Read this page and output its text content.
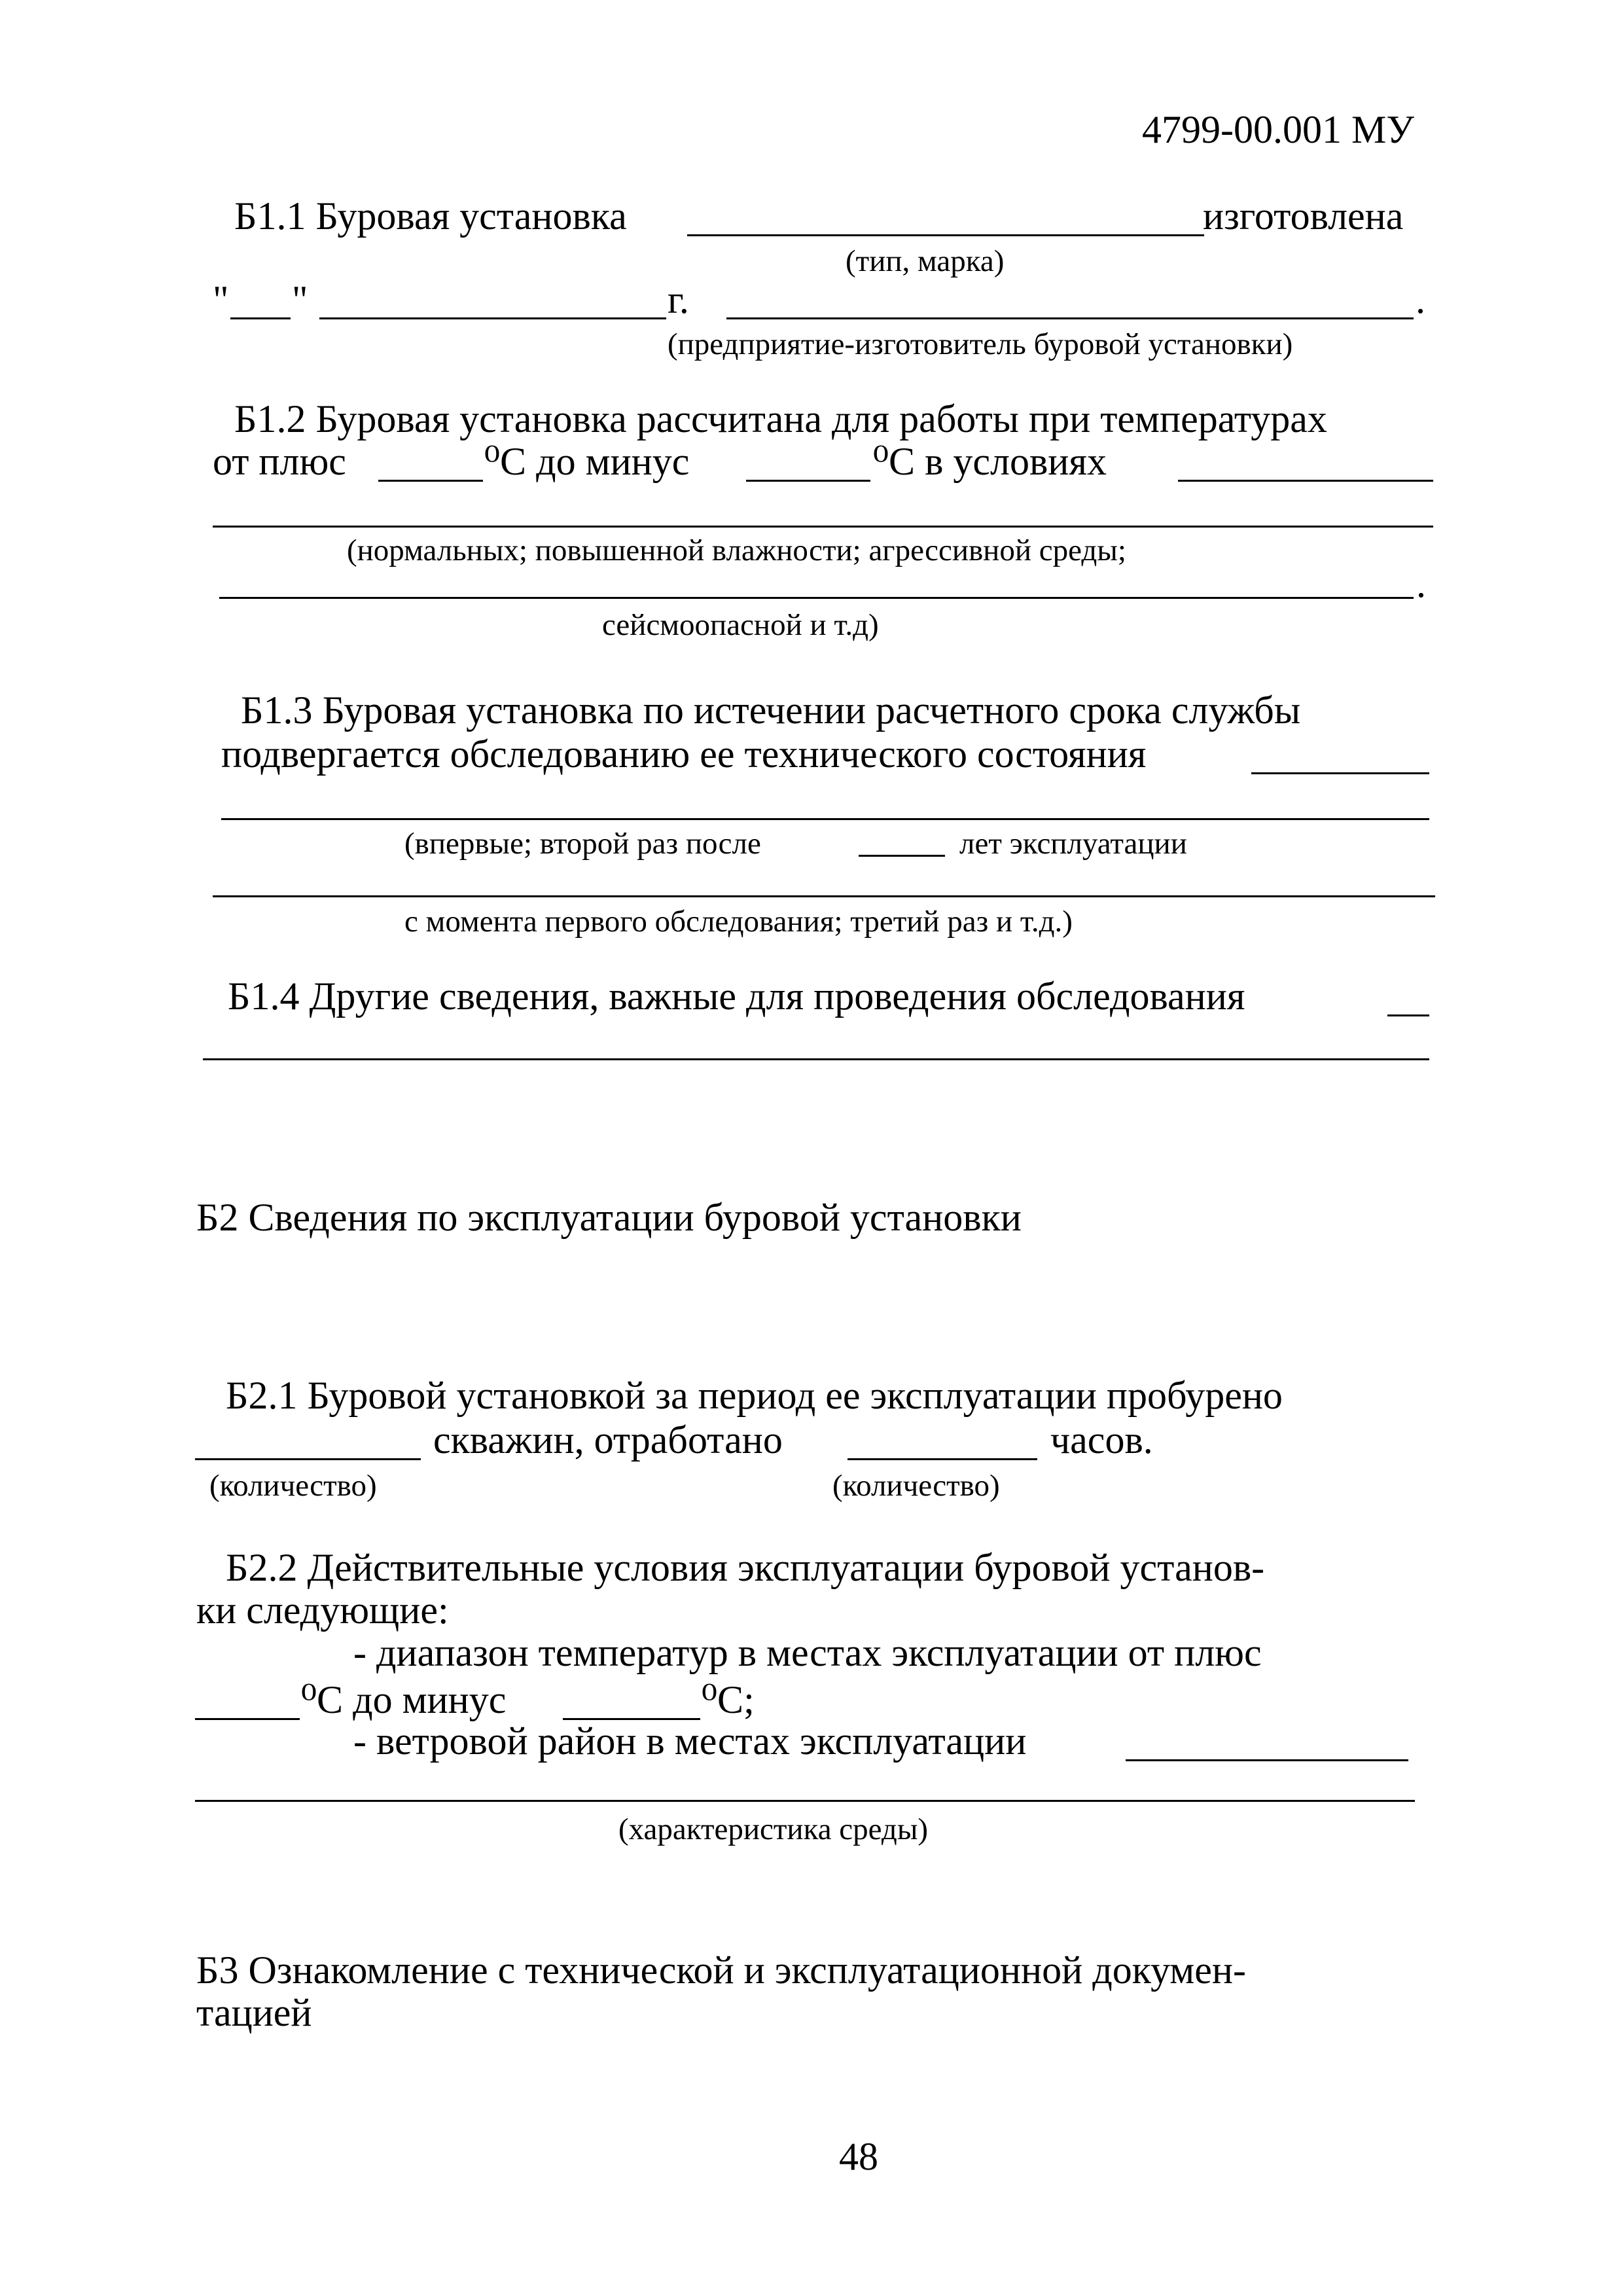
4799-00.001 МУ
Б1.1 Буровая установка	изготовлена
(тип, марка)
" "	г.	.
(предприятие-изготовитель буровой установки)
Б1.2 Буровая установка рассчитана для работы при температурах
от плюс	⁰С до минус	⁰С в условиях
(нормальных; повышенной влажности; агрессивной среды;
.
сейсмоопасной и т.д)
Б1.3 Буровая установка по истечении расчетного срока службы
подвергается обследованию ее технического состояния
(впервые; второй раз после	лет эксплуатации
с момента первого обследования; третий раз и т.д.)
Б1.4 Другие сведения, важные для проведения обследования
Б2 Сведения по эксплуатации буровой установки
Б2.1 Буровой установкой за период ее эксплуатации пробурено
скважин, отработано	часов.
(количество)	(количество)
Б2.2 Действительные условия эксплуатации буровой установ-
ки следующие:
- диапазон температур в местах эксплуатации от плюс
⁰С до минус	⁰С;
- ветровой район в местах эксплуатации
(характеристика среды)
Б3 Ознакомление с технической и эксплуатационной докумен-
тацией
48
